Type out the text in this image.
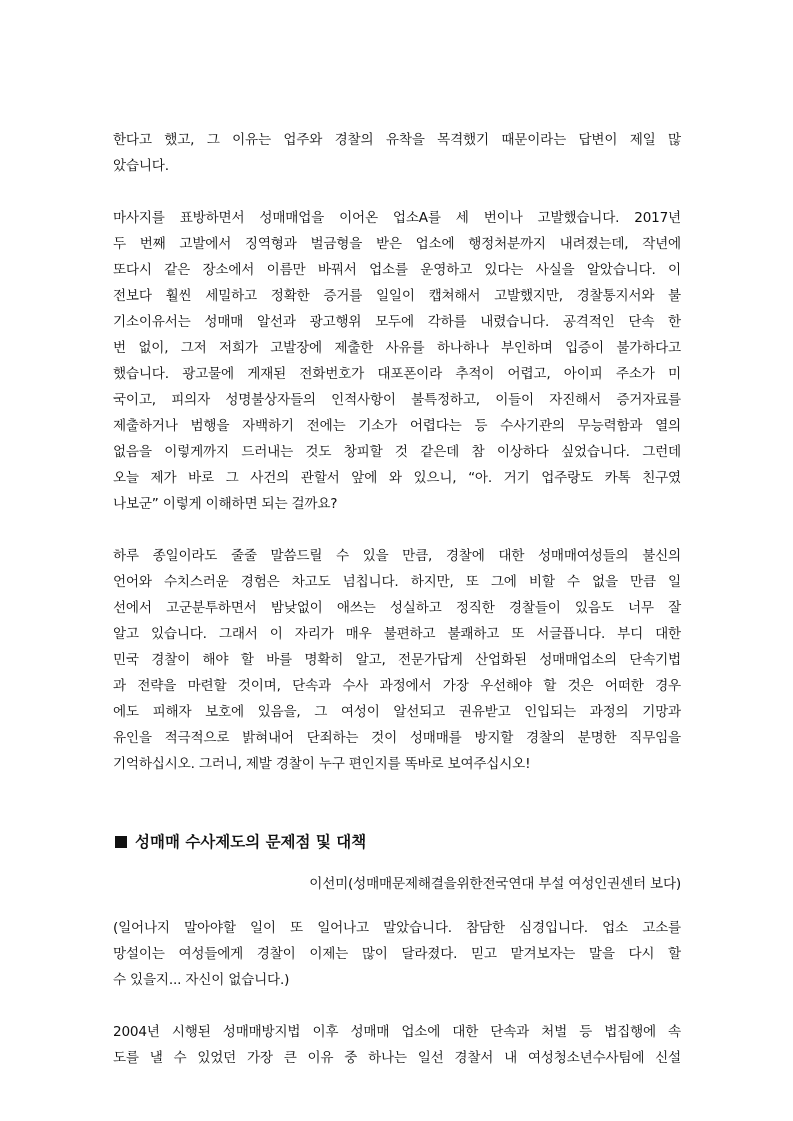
한다고 했고, 그 이유는 업주와 경찰의 유착을 목격했기 때문이라는 답변이 제일 많
았습니다.

마사지를 표방하면서 성매매업을 이어온 업소A를 세 번이나 고발했습니다. 2017년
두 번째 고발에서 징역형과 벌금형을 받은 업소에 행정처분까지 내려졌는데, 작년에
또다시 같은 장소에서 이름만 바꿔서 업소를 운영하고 있다는 사실을 알았습니다. 이
전보다 훨씬 세밀하고 정확한 증거를 일일이 캡쳐해서 고발했지만, 경찰통지서와 불
기소이유서는 성매매 알선과 광고행위 모두에 각하를 내렸습니다. 공격적인 단속 한
번 없이, 그저 저희가 고발장에 제출한 사유를 하나하나 부인하며 입증이 불가하다고
했습니다. 광고물에 게재된 전화번호가 대포폰이라 추적이 어렵고, 아이피 주소가 미
국이고, 피의자 성명불상자들의 인적사항이 불특정하고, 이들이 자진해서 증거자료를
제출하거나 범행을 자백하기 전에는 기소가 어렵다는 등 수사기관의 무능력함과 열의
없음을 이렇게까지 드러내는 것도 창피할 것 같은데 참 이상하다 싶었습니다. 그런데
오늘 제가 바로 그 사건의 관할서 앞에 와 있으니, “아. 거기 업주랑도 카톡 친구였
나보군” 이렇게 이해하면 되는 걸까요?

하루 종일이라도 줄줄 말씀드릴 수 있을 만큼, 경찰에 대한 성매매여성들의 불신의
언어와 수치스러운 경험은 차고도 넘칩니다. 하지만, 또 그에 비할 수 없을 만큼 일
선에서 고군분투하면서 밤낮없이 애쓰는 성실하고 정직한 경찰들이 있음도 너무 잘
알고 있습니다. 그래서 이 자리가 매우 불편하고 불쾌하고 또 서글픕니다. 부디 대한
민국 경찰이 해야 할 바를 명확히 알고, 전문가답게 산업화된 성매매업소의 단속기법
과 전략을 마련할 것이며, 단속과 수사 과정에서 가장 우선해야 할 것은 어떠한 경우
에도 피해자 보호에 있음을, 그 여성이 알선되고 권유받고 인입되는 과정의 기망과
유인을 적극적으로 밝혀내어 단죄하는 것이 성매매를 방지할 경찰의 분명한 직무임을
기억하십시오. 그러니, 제발 경찰이 누구 편인지를 똑바로 보여주십시오!

성매매 수사제도의 문제점 및 대책

이선미(성매매문제해결을위한전국연대 부설 여성인권센터 보다)

(일어나지 말아야할 일이 또 일어나고 말았습니다. 참담한 심경입니다. 업소 고소를
망설이는 여성들에게 경찰이 이제는 많이 달라졌다. 믿고 맡겨보자는 말을 다시 할
수 있을지... 자신이 없습니다.)

2004년 시행된 성매매방지법 이후 성매매 업소에 대한 단속과 처벌 등 법집행에 속
도를 낼 수 있었던 가장 큰 이유 중 하나는 일선 경찰서 내 여성청소년수사팀에 신설
